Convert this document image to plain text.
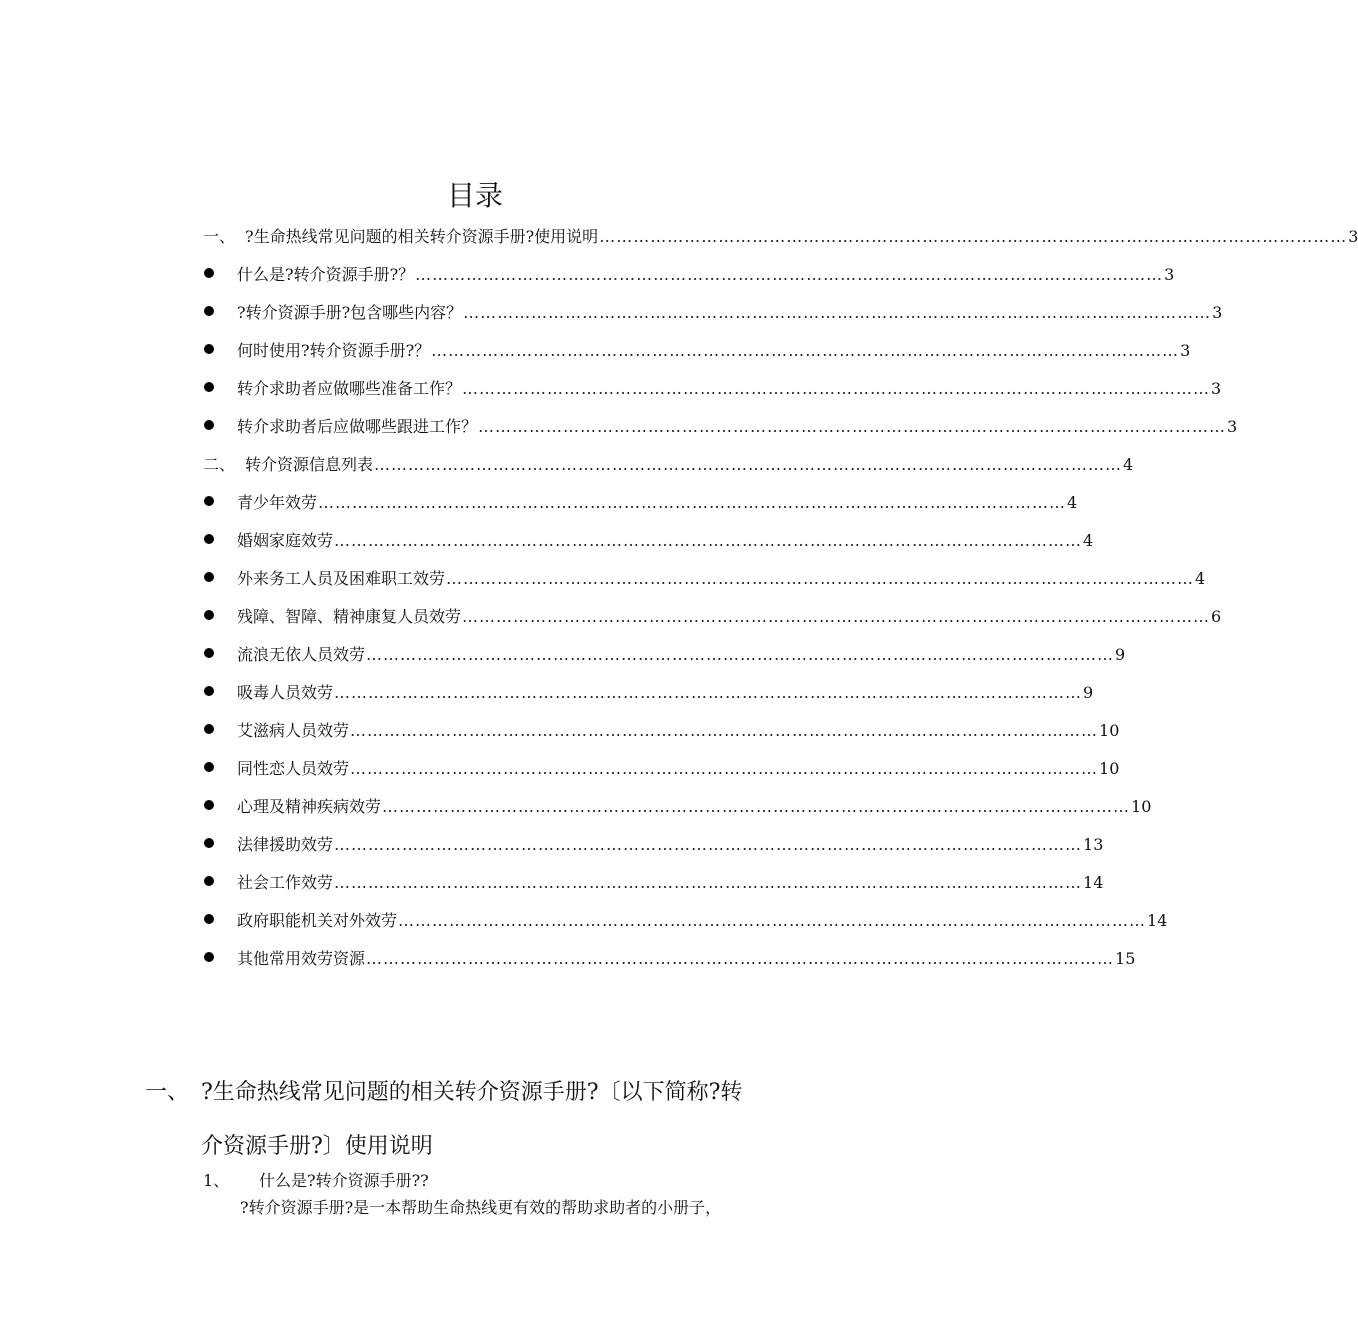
目录
一、 ?生命热线常见问题的相关转介资源手册?使用说明 …………………………………………………………………………………………………………………… 3
什么是?转介资源手册?？ …………………………………………………………………………………………………………………… 3
?转介资源手册?包含哪些内容？ …………………………………………………………………………………………………………………… 3
何时使用?转介资源手册?？ …………………………………………………………………………………………………………………… 3
转介求助者应做哪些准备工作？ …………………………………………………………………………………………………………………… 3
转介求助者后应做哪些跟进工作？ …………………………………………………………………………………………………………………… 3
二、 转介资源信息列表 …………………………………………………………………………………………………………………… 4
青少年效劳 …………………………………………………………………………………………………………………… 4
婚姻家庭效劳 …………………………………………………………………………………………………………………… 4
外来务工人员及困难职工效劳 …………………………………………………………………………………………………………………… 4
残障、智障、精神康复人员效劳 …………………………………………………………………………………………………………………… 6
流浪无依人员效劳 …………………………………………………………………………………………………………………… 9
吸毒人员效劳 …………………………………………………………………………………………………………………… 9
艾滋病人员效劳 …………………………………………………………………………………………………………………… 10
同性恋人员效劳 …………………………………………………………………………………………………………………… 10
心理及精神疾病效劳 …………………………………………………………………………………………………………………… 10
法律援助效劳 …………………………………………………………………………………………………………………… 13
社会工作效劳 …………………………………………………………………………………………………………………… 14
政府职能机关对外效劳 …………………………………………………………………………………………………………………… 14
其他常用效劳资源 …………………………………………………………………………………………………………………… 15
一、 ?生命热线常见问题的相关转介资源手册?〔以下简称?转
介资源手册?〕使用说明
1、 什么是?转介资源手册??
?转介资源手册?是一本帮助生命热线更有效的帮助求助者的小册子，
